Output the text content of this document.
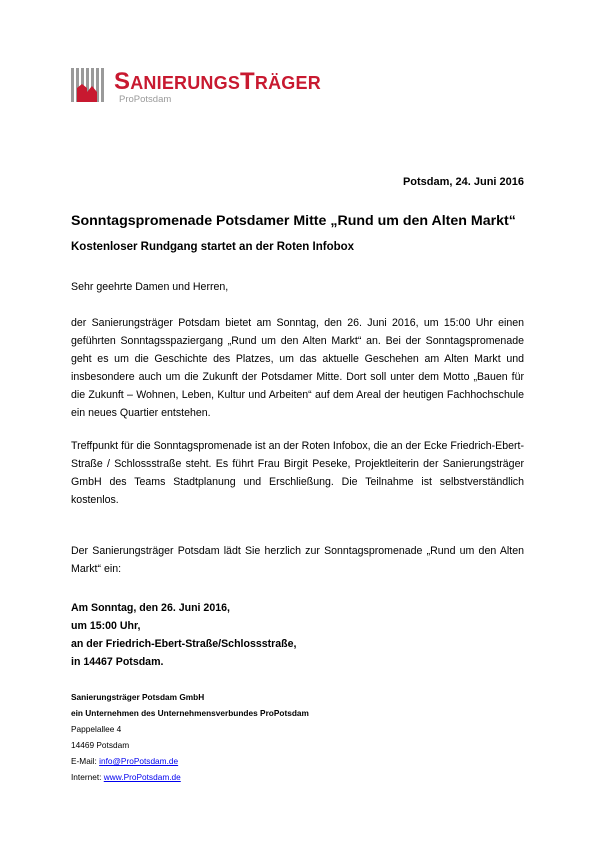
SANIERUNGSTRÄGER
ProPotsdam
Potsdam, 24. Juni 2016
Sonntagspromenade Potsdamer Mitte „Rund um den Alten Markt“
Kostenloser Rundgang startet an der Roten Infobox

Sehr geehrte Damen und Herren,

der Sanierungsträger Potsdam bietet am Sonntag, den 26. Juni 2016, um 15:00 Uhr einen geführten Sonntagsspaziergang „Rund um den Alten Markt“ an. Bei der Sonntagspromenade geht es um die Geschichte des Platzes, um das aktuelle Geschehen am Alten Markt und insbesondere auch um die Zukunft der Potsdamer Mitte. Dort soll unter dem Motto „Bauen für die Zukunft – Wohnen, Leben, Kultur und Arbeiten“ auf dem Areal der heutigen Fachhochschule ein neues Quartier entstehen.

Treffpunkt für die Sonntagspromenade ist an der Roten Infobox, die an der Ecke Friedrich-Ebert-Straße / Schlossstraße steht. Es führt Frau Birgit Peseke, Projektleiterin der Sanierungsträger GmbH des Teams Stadtplanung und Erschließung. Die Teilnahme ist selbstverständlich kostenlos.

Der Sanierungsträger Potsdam lädt Sie herzlich zur Sonntagspromenade „Rund um den Alten Markt“ ein:

Am Sonntag, den 26. Juni 2016,
um 15:00 Uhr,
an der Friedrich-Ebert-Straße/Schlossstraße,
in 14467 Potsdam.
Sanierungsträger Potsdam GmbH
ein Unternehmen des Unternehmensverbundes ProPotsdam
Pappelallee 4
14469 Potsdam
E-Mail: info@ProPotsdam.de
Internet: www.ProPotsdam.de
